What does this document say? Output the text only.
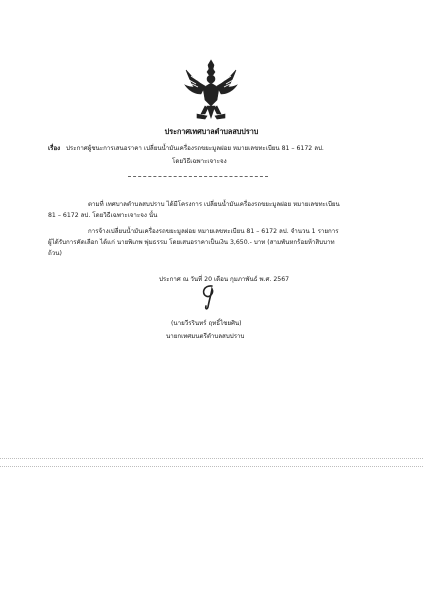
ประกาศเทศบาลตำบลสบปราบ
เรื่อง ประกาศผู้ชนะการเสนอราคา เปลี่ยนน้ำมันเครื่องรถขยะมูลฝอย หมายเลขทะเบียน 81 – 6172 ลป.
โดยวิธีเฉพาะเจาะจง
ตามที่ เทศบาลตำบลสบปราบ ได้มีโครงการ เปลี่ยนน้ำมันเครื่องรถขยะมูลฝอย หมายเลขทะเบียน
81 – 6172 ลป. โดยวิธีเฉพาะเจาะจง นั้น
การจ้างเปลี่ยนน้ำมันเครื่องรถขยะมูลฝอย หมายเลขทะเบียน 81 – 6172 ลป. จำนวน 1 รายการ
ผู้ได้รับการคัดเลือก ได้แก่ นายพิเภพ พุ่มธรรม โดยเสนอราคาเป็นเงิน 3,650.- บาท (สามพันหกร้อยห้าสิบบาท
ถ้วน)
ประกาศ ณ วันที่ 20 เดือน กุมภาพันธ์ พ.ศ. 2567
(นายวีรรินทร์ ฤทธิ์ไชยศิน)
นายกเทศมนตรีตำบลสบปราบ
